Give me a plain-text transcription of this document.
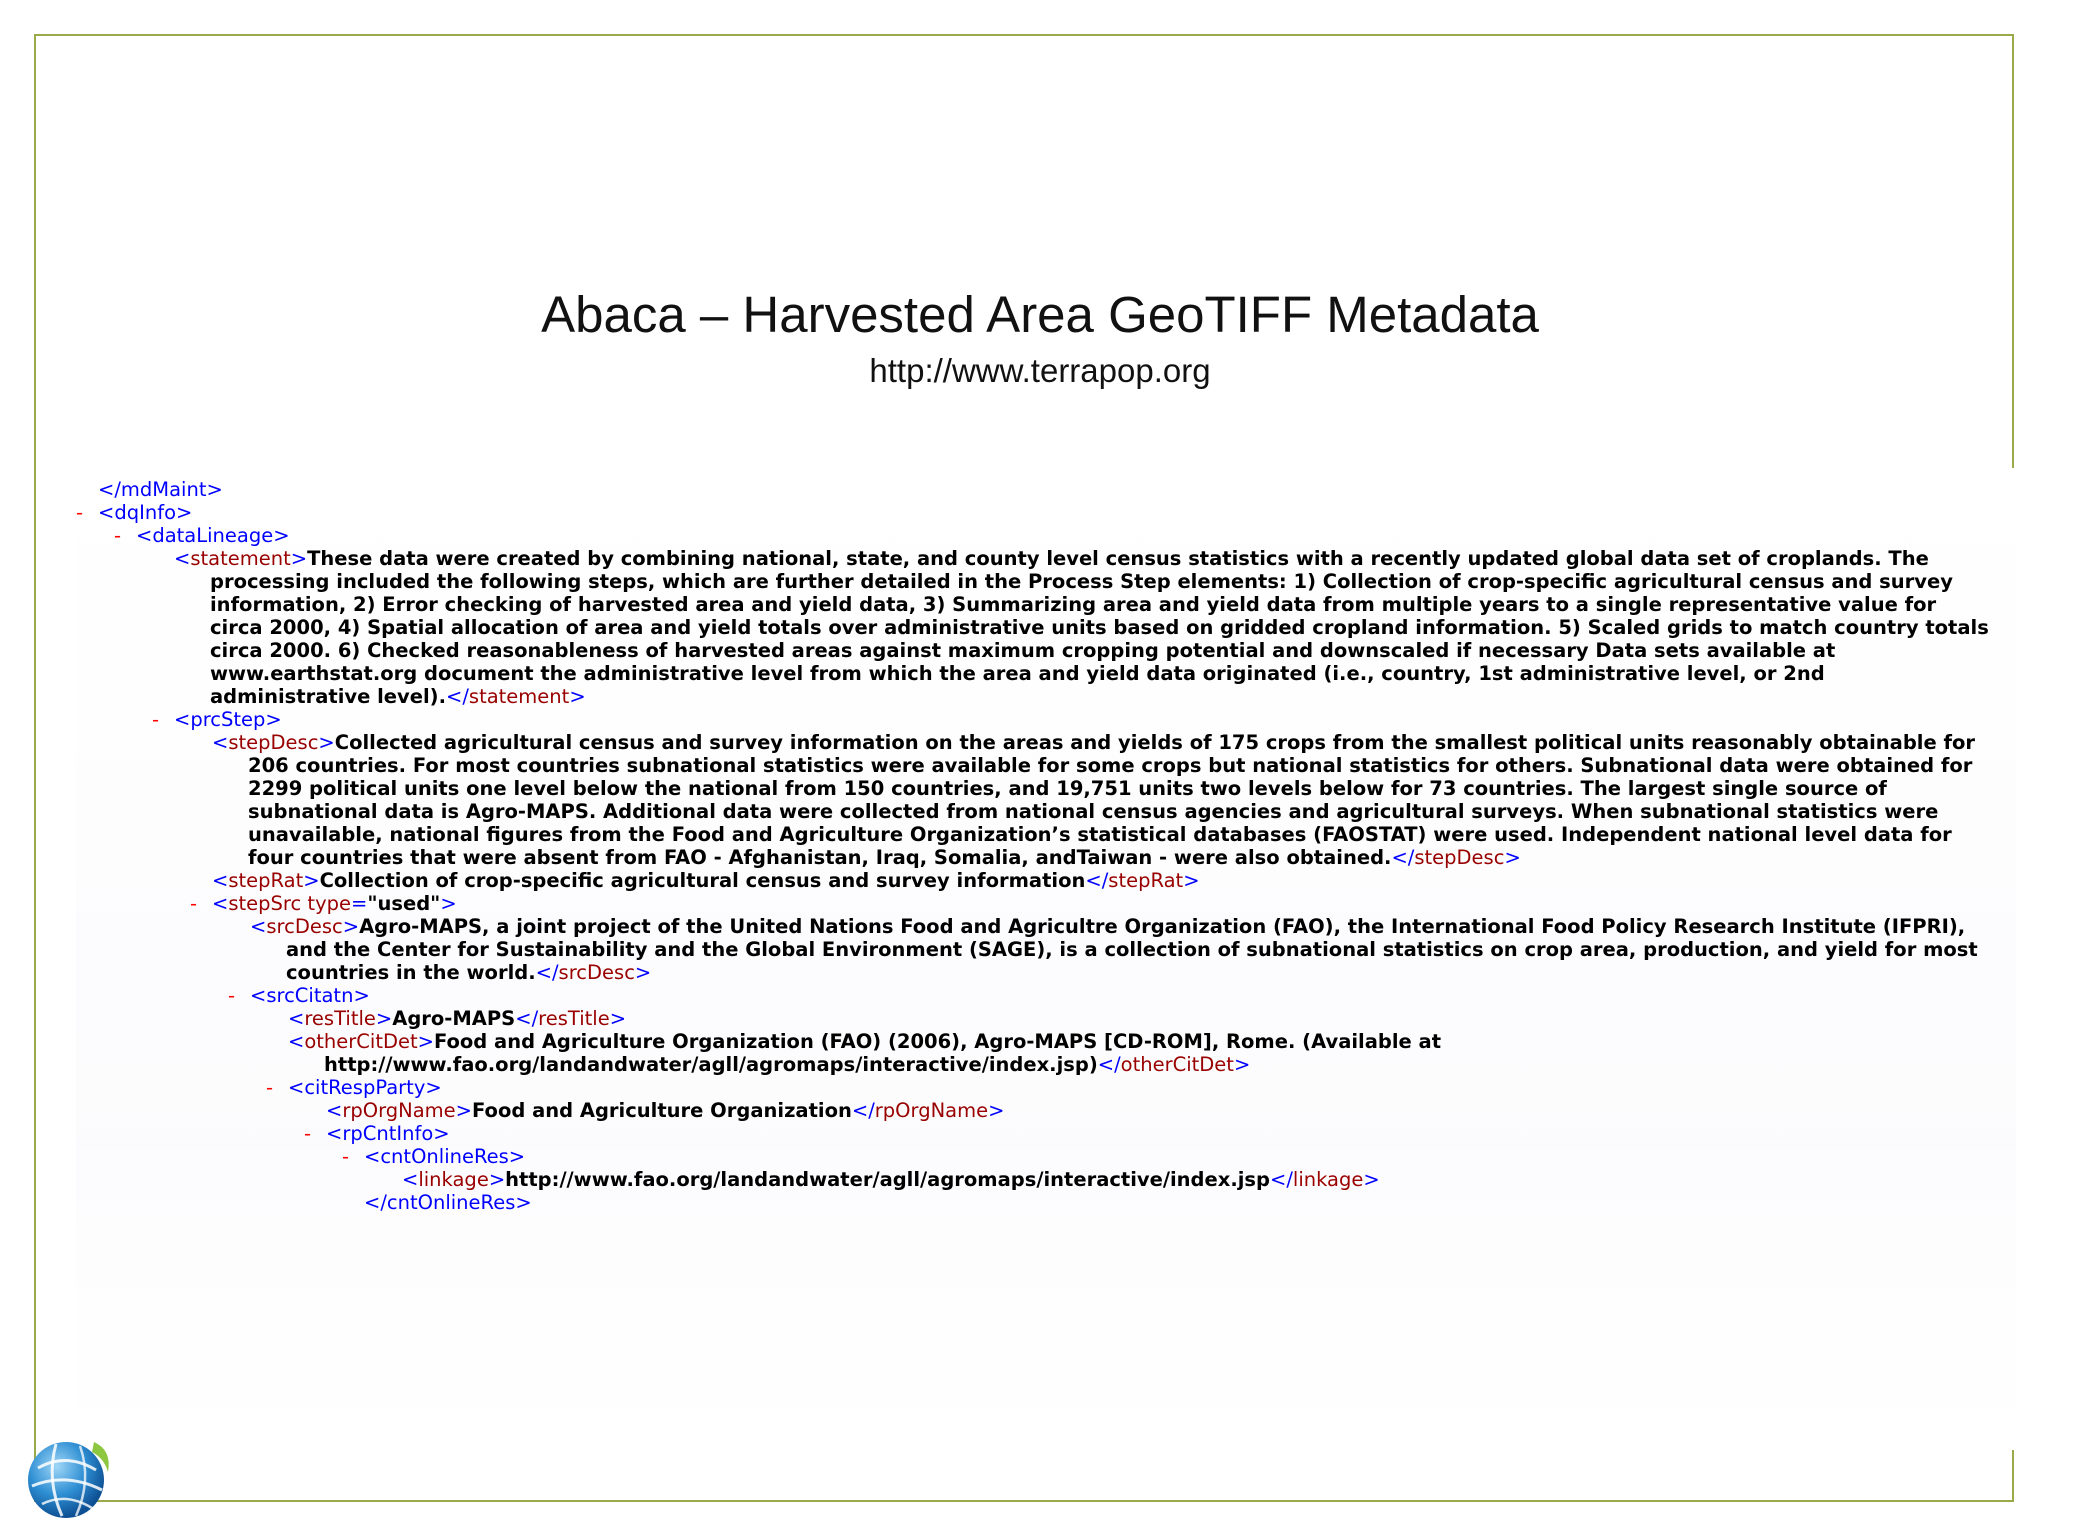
Abaca – Harvested Area GeoTIFF Metadata
http://www.terrapop.org
</mdMaint>
- <dqInfo>
- <dataLineage>
<statement>These data were created by combining national, state, and county level census statistics with a recently updated global data set of croplands. The processing included the following steps, which are further detailed in the Process Step elements: 1) Collection of crop-specific agricultural census and survey information, 2) Error checking of harvested area and yield data, 3) Summarizing area and yield data from multiple years to a single representative value for circa 2000, 4) Spatial allocation of area and yield totals over administrative units based on gridded cropland information. 5) Scaled grids to match country totals circa 2000. 6) Checked reasonableness of harvested areas against maximum cropping potential and downscaled if necessary Data sets available at www.earthstat.org document the administrative level from which the area and yield data originated (i.e., country, 1st administrative level, or 2nd administrative level).</statement>
- <prcStep>
<stepDesc>Collected agricultural census and survey information on the areas and yields of 175 crops from the smallest political units reasonably obtainable for 206 countries. For most countries subnational statistics were available for some crops but national statistics for others. Subnational data were obtained for 2299 political units one level below the national from 150 countries, and 19,751 units two levels below for 73 countries. The largest single source of subnational data is Agro-MAPS. Additional data were collected from national census agencies and agricultural surveys. When subnational statistics were unavailable, national figures from the Food and Agriculture Organization’s statistical databases (FAOSTAT) were used. Independent national level data for four countries that were absent from FAO - Afghanistan, Iraq, Somalia, andTaiwan - were also obtained.</stepDesc>
<stepRat>Collection of crop-specific agricultural census and survey information</stepRat>
- <stepSrc type="used">
<srcDesc>Agro-MAPS, a joint project of the United Nations Food and Agricultre Organization (FAO), the International Food Policy Research Institute (IFPRI), and the Center for Sustainability and the Global Environment (SAGE), is a collection of subnational statistics on crop area, production, and yield for most countries in the world.</srcDesc>
- <srcCitatn>
<resTitle>Agro-MAPS</resTitle>
<otherCitDet>Food and Agriculture Organization (FAO) (2006), Agro-MAPS [CD-ROM], Rome. (Available at http://www.fao.org/landandwater/agll/agromaps/interactive/index.jsp)</otherCitDet>
- <citRespParty>
<rpOrgName>Food and Agriculture Organization</rpOrgName>
- <rpCntInfo>
- <cntOnlineRes>
<linkage>http://www.fao.org/landandwater/agll/agromaps/interactive/index.jsp</linkage>
</cntOnlineRes>
